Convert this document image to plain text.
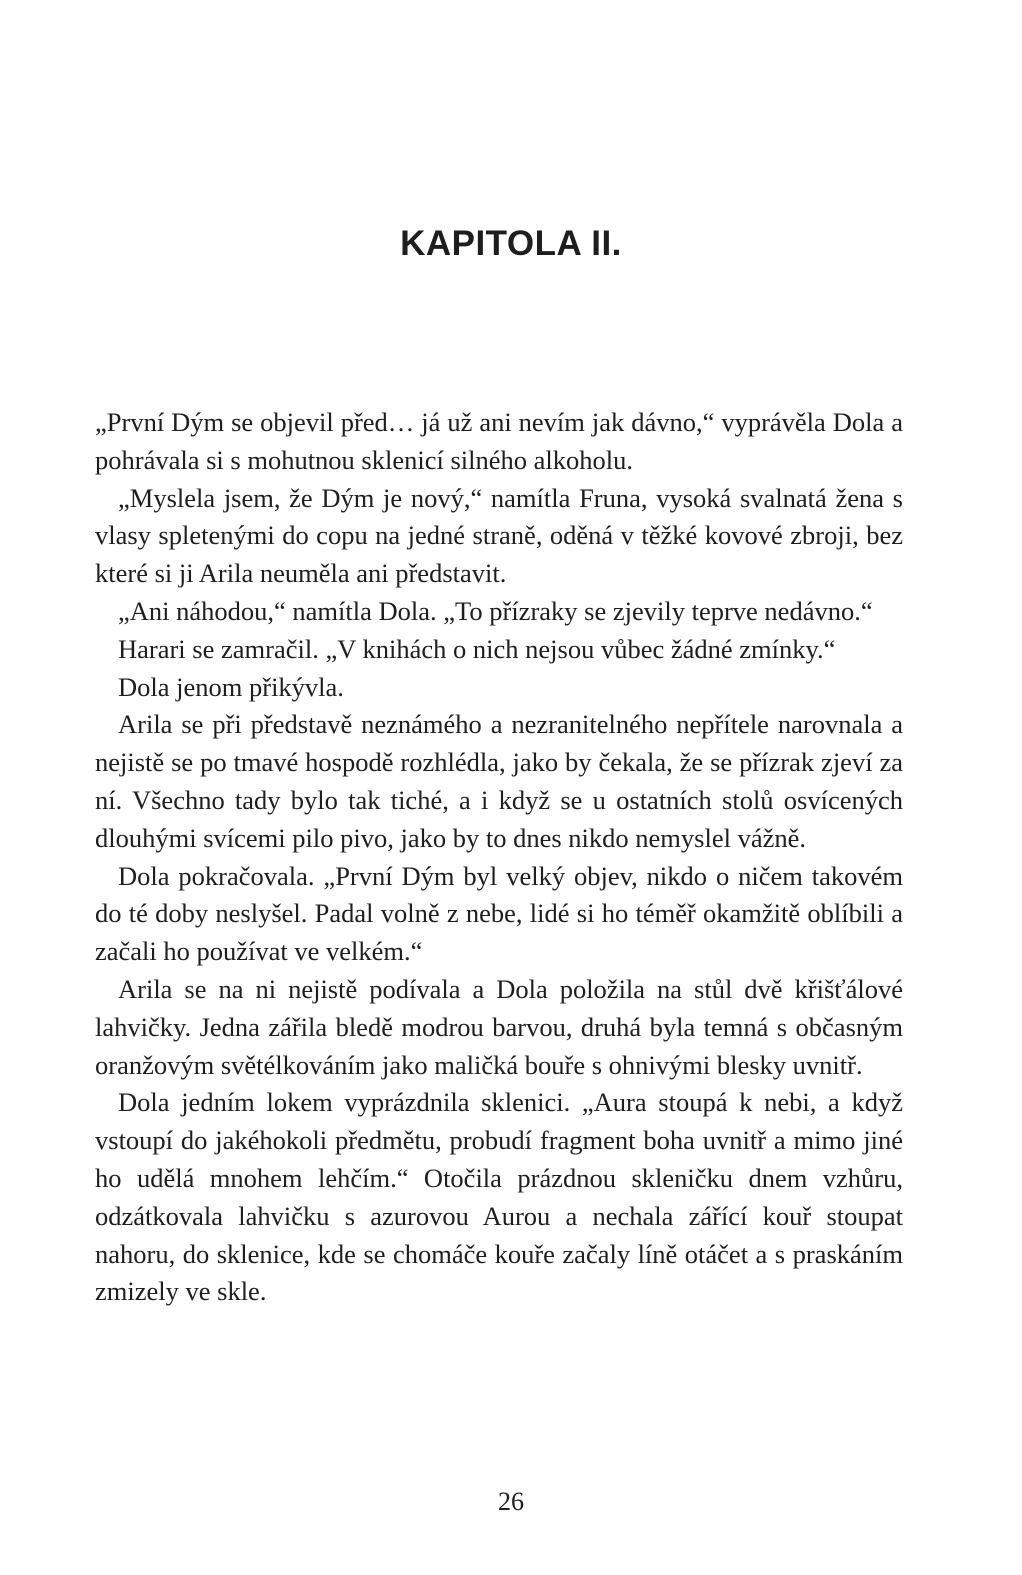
KAPITOLA II.

„První Dým se objevil před… já už ani nevím jak dávno,“ vyprávěla Dola a pohrávala si s mohutnou sklenicí silného alkoholu.

„Myslela jsem, že Dým je nový,“ namítla Fruna, vysoká svalnatá žena s vlasy spletenými do copu na jedné straně, oděná v těžké kovové zbroji, bez které si ji Arila neuměla ani představit.

„Ani náhodou,“ namítla Dola. „To přízraky se zjevily teprve nedávno.“

Harari se zamračil. „V knihách o nich nejsou vůbec žádné zmínky.“

Dola jenom přikývla.

Arila se při představě neznámého a nezranitelného nepřítele narovnala a nejistě se po tmavé hospodě rozhlédla, jako by čekala, že se přízrak zjeví za ní. Všechno tady bylo tak tiché, a i když se u ostatních stolů osvícených dlouhými svícemi pilo pivo, jako by to dnes nikdo nemyslel vážně.

Dola pokračovala. „První Dým byl velký objev, nikdo o ničem takovém do té doby neslyšel. Padal volně z nebe, lidé si ho téměř okamžitě oblíbili a začali ho používat ve velkém.“

Arila se na ni nejistě podívala a Dola položila na stůl dvě křišťálové lahvičky. Jedna zářila bledě modrou barvou, druhá byla temná s občasným oranžovým světélkováním jako maličká bouře s ohnivými blesky uvnitř.

Dola jedním lokem vyprázdnila sklenici. „Aura stoupá k nebi, a když vstoupí do jakéhokoli předmětu, probudí fragment boha uvnitř a mimo jiné ho udělá mnohem lehčím.“ Otočila prázdnou skleničku dnem vzhůru, odzátkovala lahvičku s azurovou Aurou a nechala zářící kouř stoupat nahoru, do sklenice, kde se chomáče kouře začaly líně otáčet a s praskáním zmizely ve skle.

26
